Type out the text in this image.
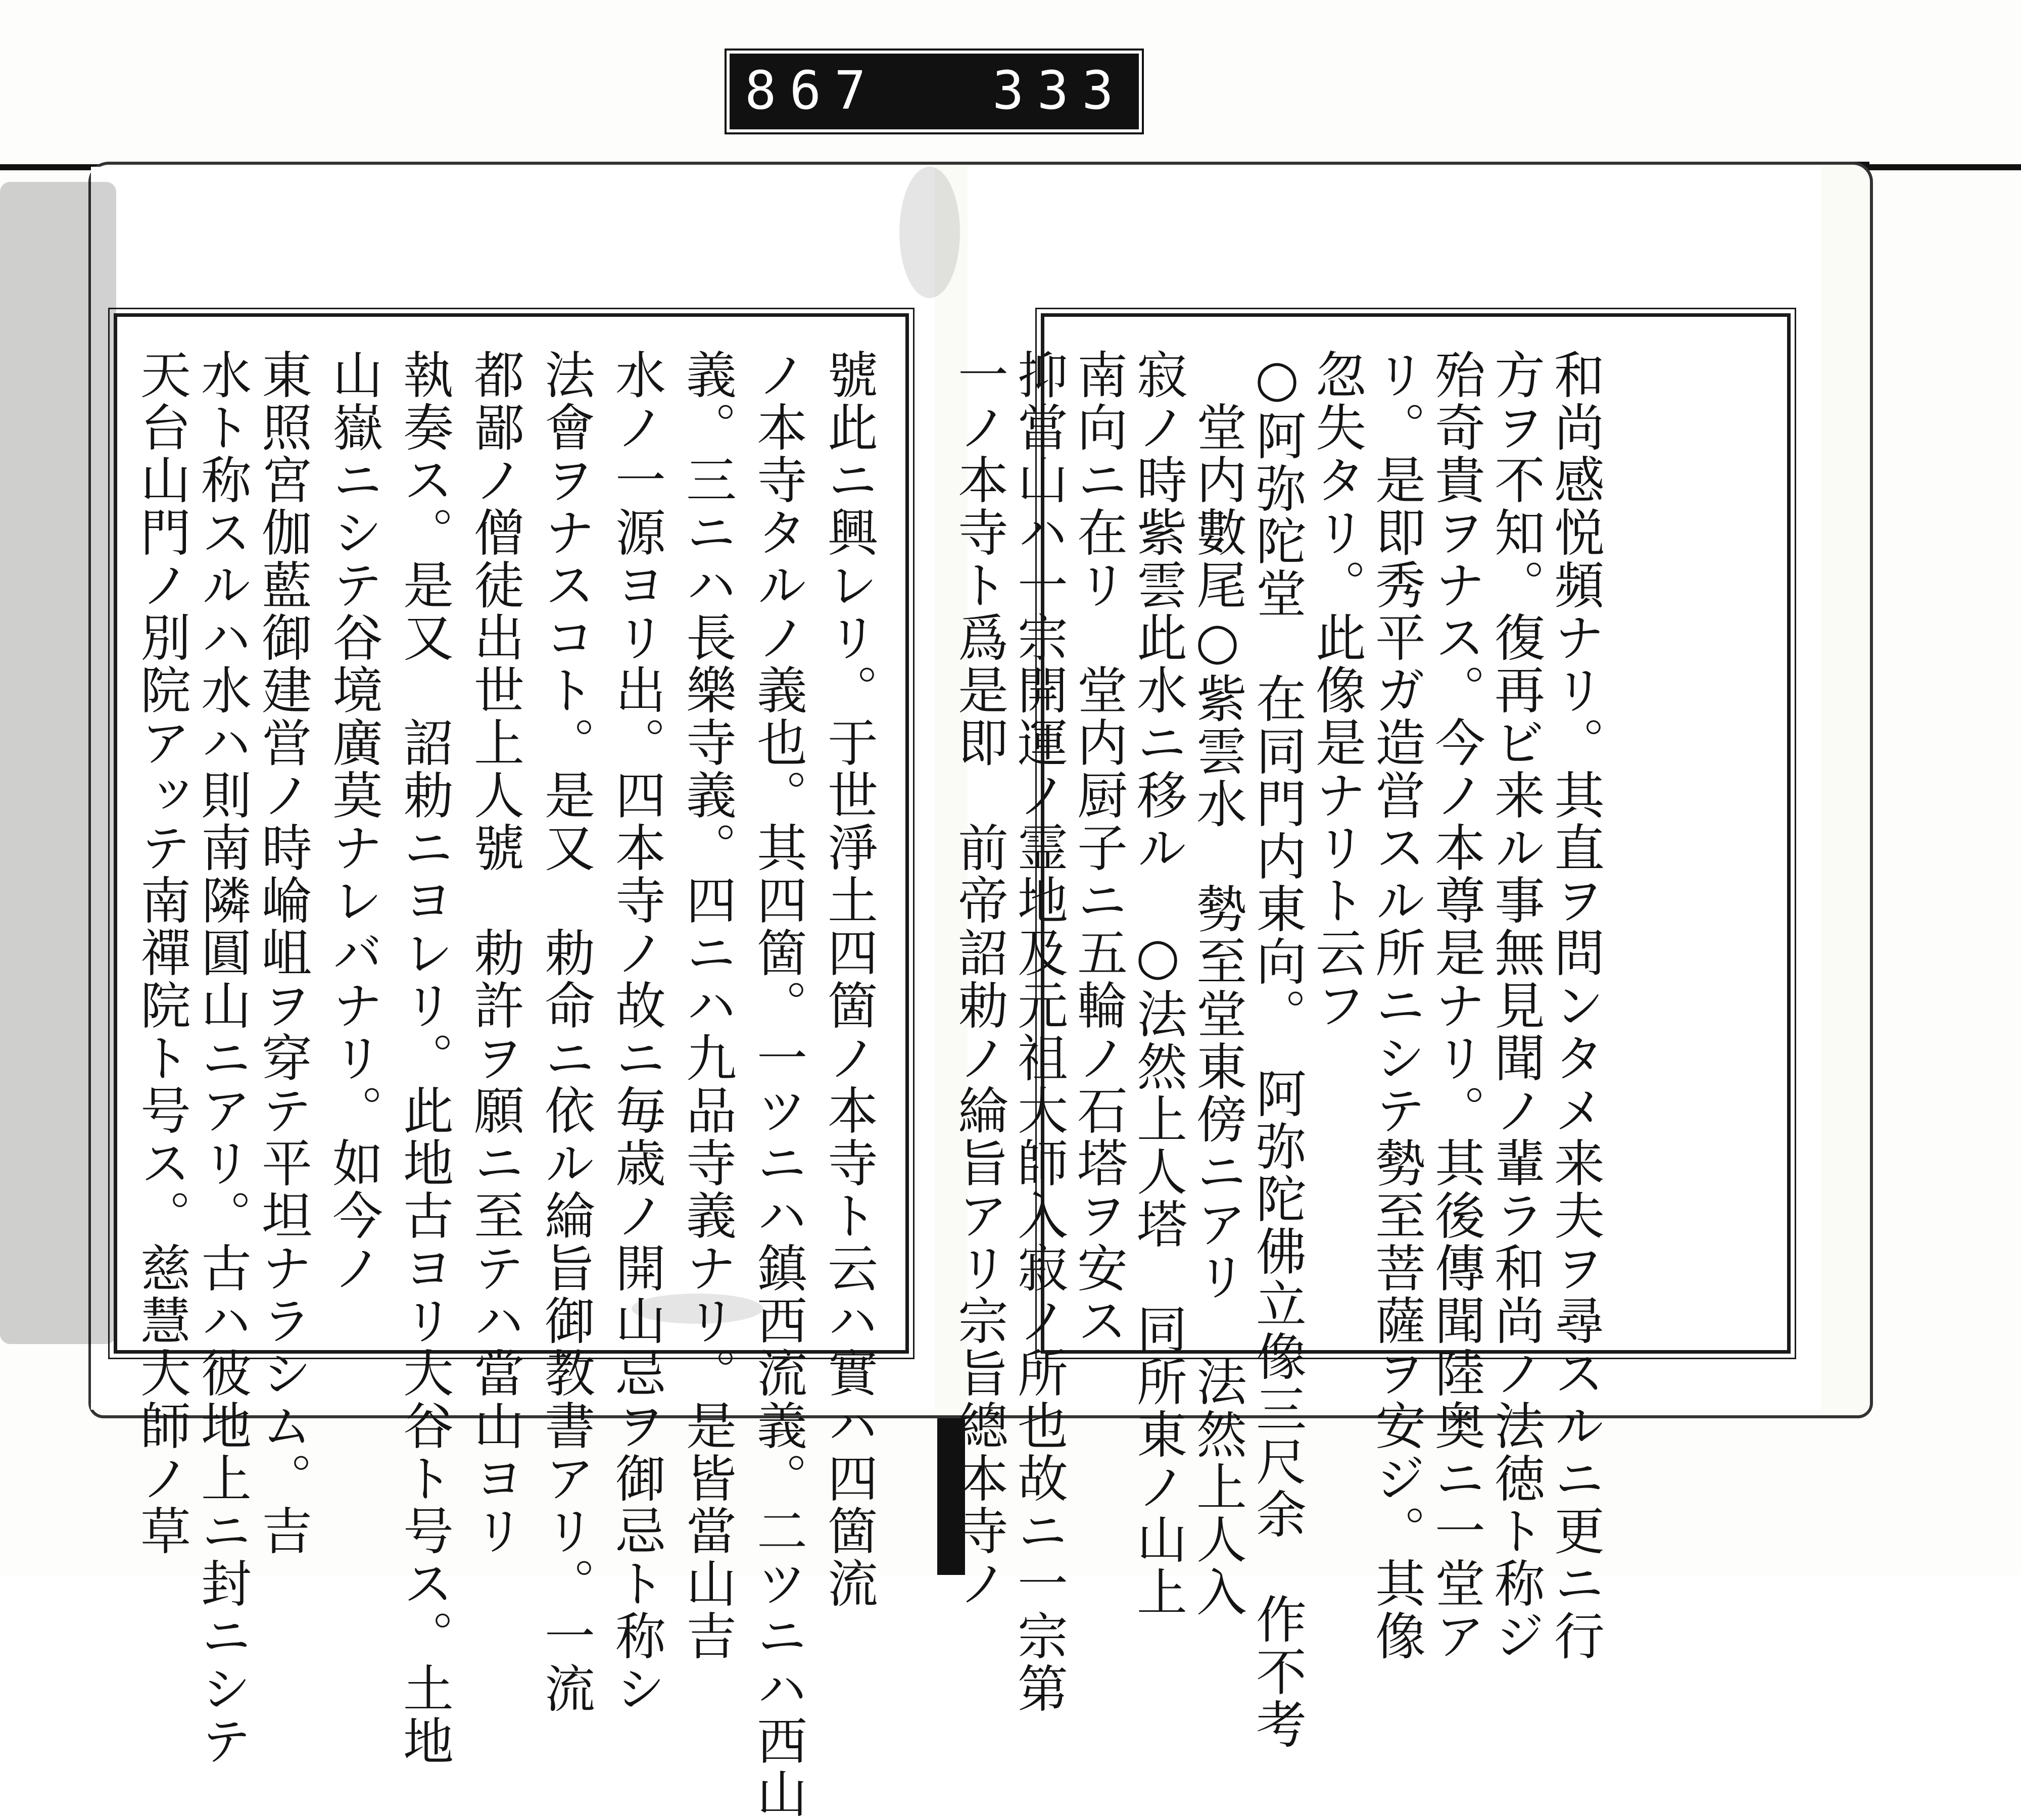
867 333
和尚感悦頻ナリ。其直ヲ問ンタメ来夫ヲ尋スルニ更ニ行
方ヲ不知。復再ビ来ル事無見聞ノ輩ラ和尚ノ法徳ト称ジ
殆奇貴ヲナス。今ノ本尊是ナリ。其後傳聞陸奥ニ一堂ア
リ。是即秀平ガ造営スル所ニシテ勢至菩薩ヲ安ジ。其像
忽失タリ。此像是ナリト云フ
○阿弥陀堂　在同門内東向。　阿弥陀佛立像三尺余　作不考
　堂内數尾○紫雲水　勢至堂東傍ニアリ　法然上人入
寂ノ時紫雲此水ニ移ル　○法然上人塔　同所東ノ山上
南向ニ在リ　堂内厨子ニ五輪ノ石塔ヲ安ス
抑當山ハ一宗開運ノ霊地及元祖大師入寂ノ所也故ニ一宗第
一ノ本寺ト爲是即　前帝詔勅ノ綸旨アリ宗旨總本寺ノ
號此ニ興レリ。于世淨土四箇ノ本寺ト云ハ實ハ四箇流
ノ本寺タルノ義也。其四箇。一ツニハ鎮西流義。二ツニハ西山
義。三ニハ長樂寺義。四ニハ九品寺義ナリ。是皆當山吉
水ノ一源ヨリ出。四本寺ノ故ニ毎歳ノ開山忌ヲ御忌ト称シ
法會ヲナスコト。是又　勅命ニ依ル綸旨御教書アリ。一流
都鄙ノ僧徒出世上人號　勅許ヲ願ニ至テハ當山ヨリ
執奏ス。是又　詔勅ニヨレリ。此地古ヨリ大谷ト号ス。土地
山嶽ニシテ谷境廣莫ナレバナリ。如今ノ
東照宮伽藍御建営ノ時崘岨ヲ穿テ平坦ナラシム。吉
水ト称スルハ水ハ則南隣圓山ニアリ。古ハ彼地上ニ封ニシテ
天台山門ノ別院アッテ南禪院ト号ス。慈慧大師ノ草
